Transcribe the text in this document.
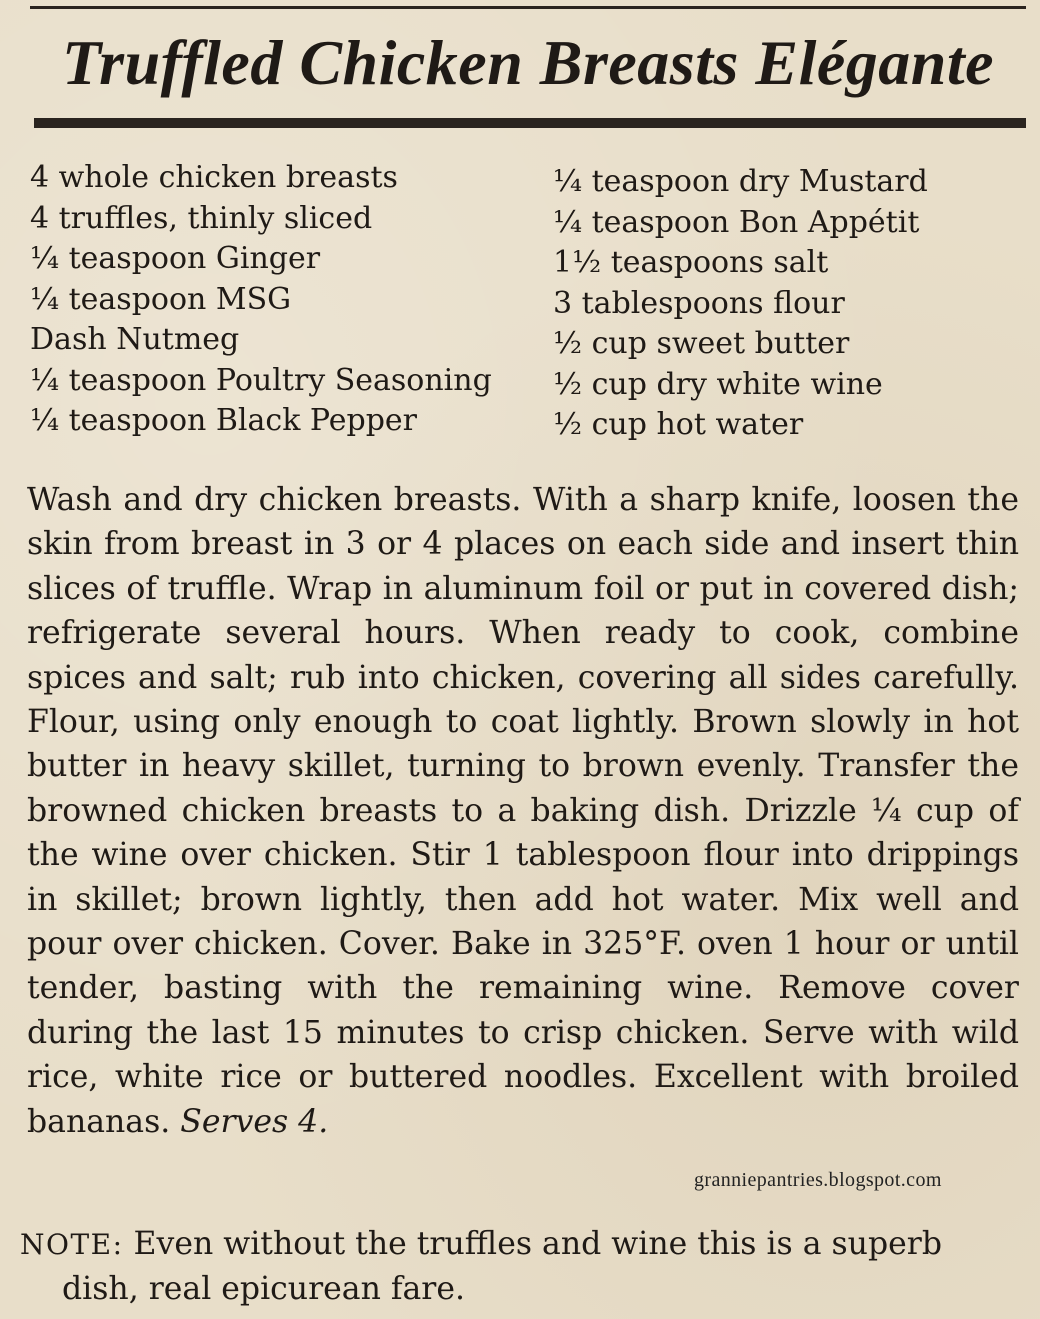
Truffled Chicken Breasts Elégante
4 whole chicken breasts
4 truffles, thinly sliced
¼ teaspoon Ginger
¼ teaspoon MSG
Dash Nutmeg
¼ teaspoon Poultry Seasoning
¼ teaspoon Black Pepper
¼ teaspoon dry Mustard
¼ teaspoon Bon Appétit
1½ teaspoons salt
3 tablespoons flour
½ cup sweet butter
½ cup dry white wine
½ cup hot water
Wash and dry chicken breasts. With a sharp knife, loosen the skin from breast in 3 or 4 places on each side and insert thin slices of truffle. Wrap in aluminum foil or put in covered dish; refrigerate several hours. When ready to cook, combine spices and salt; rub into chicken, covering all sides carefully. Flour, using only enough to coat lightly. Brown slowly in hot butter in heavy skillet, turning to brown evenly. Transfer the browned chicken breasts to a baking dish. Drizzle ¼ cup of the wine over chicken. Stir 1 tablespoon flour into drippings in skillet; brown lightly, then add hot water. Mix well and pour over chicken. Cover. Bake in 325°F. oven 1 hour or until tender, basting with the remaining wine. Remove cover during the last 15 minutes to crisp chicken. Serve with wild rice, white rice or buttered noodles. Excellent with broiled bananas. Serves 4.
granniepantries.blogspot.com
NOTE: Even without the truffles and wine this is a superb
dish, real epicurean fare.
